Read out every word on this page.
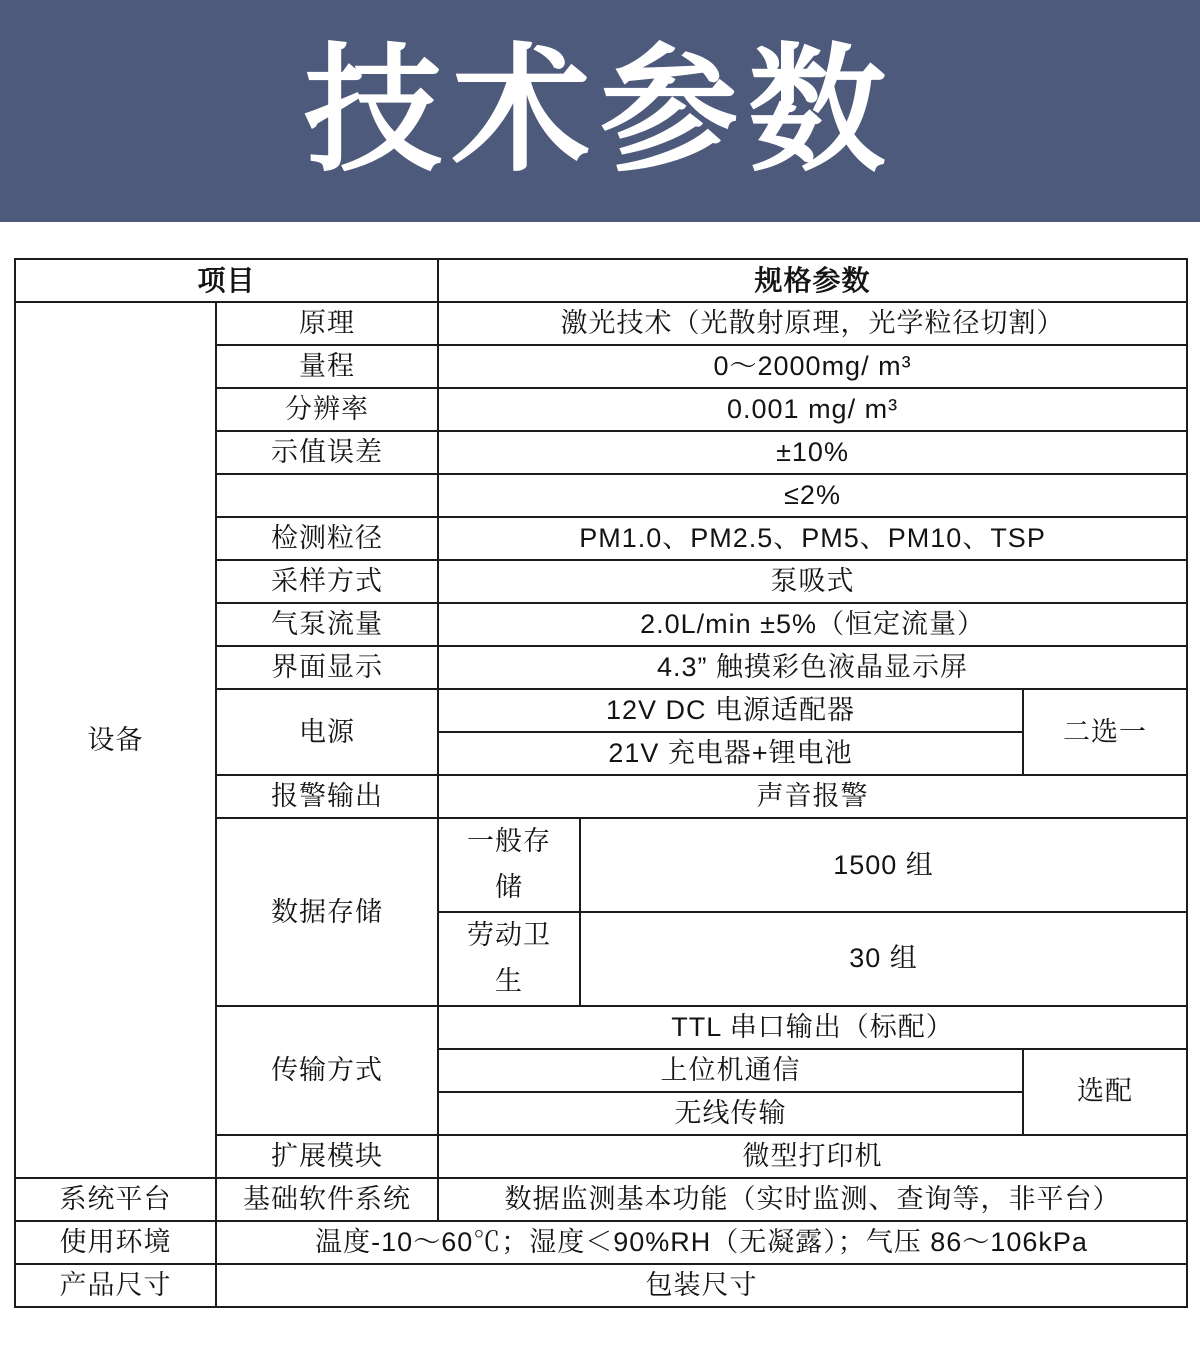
技术参数
项目		规格参数		
设备	原理	激光技术（光散射原理，光学粒径切割）		
	量程	0～2000mg/ m³		
	分辨率	0.001 mg/ m³		
	示值误差	±10%		
		≤2%		
	检测粒径	PM1.0、PM2.5、PM5、PM10、TSP		
	采样方式	泵吸式		
	气泵流量	2.0L/min ±5%（恒定流量）		
	界面显示	4.3” 触摸彩色液晶显示屏		
	电源	12V DC 电源适配器		二选一
		21V 充电器+锂电池		
	报警输出	声音报警		
	数据存储	一般存储	1500 组	
		劳动卫生	30 组	
	传输方式	TTL 串口输出（标配）		
		上位机通信		选配
		无线传输		
	扩展模块	微型打印机		
系统平台	基础软件系统	数据监测基本功能（实时监测、查询等，非平台）		
使用环境	温度-10～60℃；湿度＜90%RH（无凝露）；气压 86～106kPa			
产品尺寸	包装尺寸			
